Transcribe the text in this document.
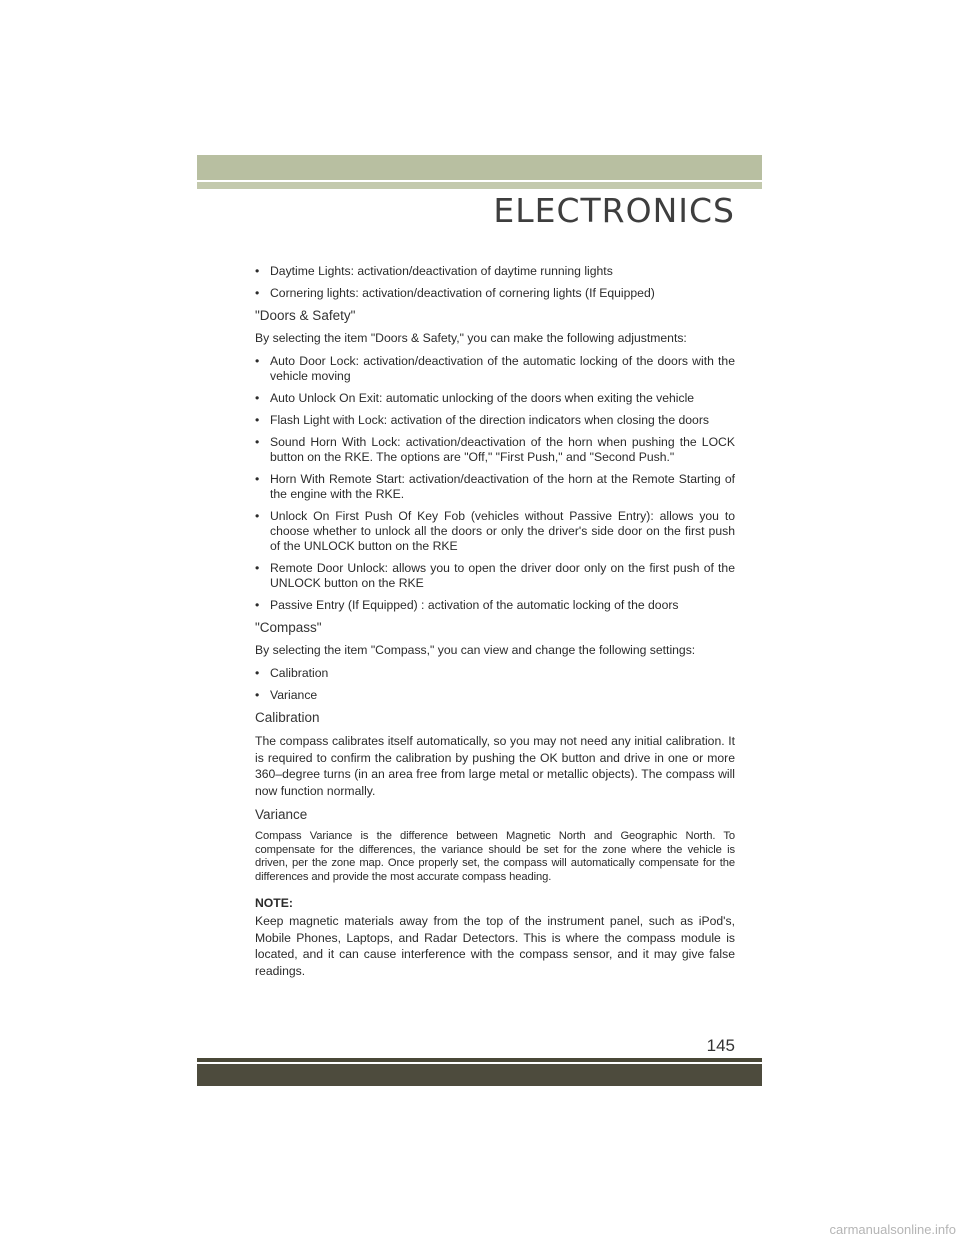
ELECTRONICS
• Daytime Lights: activation/deactivation of daytime running lights
• Cornering lights: activation/deactivation of cornering lights (If Equipped)
"Doors & Safety"
By selecting the item "Doors & Safety," you can make the following adjustments:
• Auto Door Lock: activation/deactivation of the automatic locking of the doors with the vehicle moving
• Auto Unlock On Exit: automatic unlocking of the doors when exiting the vehicle
• Flash Light with Lock: activation of the direction indicators when closing the doors
• Sound Horn With Lock: activation/deactivation of the horn when pushing the LOCK button on the RKE. The options are "Off," "First Push," and "Second Push."
• Horn With Remote Start: activation/deactivation of the horn at the Remote Starting of the engine with the RKE.
• Unlock On First Push Of Key Fob (vehicles without Passive Entry): allows you to choose whether to unlock all the doors or only the driver's side door on the first push of the UNLOCK button on the RKE
• Remote Door Unlock: allows you to open the driver door only on the first push of the UNLOCK button on the RKE
• Passive Entry (If Equipped) : activation of the automatic locking of the doors
"Compass"
By selecting the item "Compass," you can view and change the following settings:
• Calibration
• Variance
Calibration
The compass calibrates itself automatically, so you may not need any initial calibration. It is required to confirm the calibration by pushing the OK button and drive in one or more 360–degree turns (in an area free from large metal or metallic objects). The compass will now function normally.
Variance
Compass Variance is the difference between Magnetic North and Geographic North. To compensate for the differences, the variance should be set for the zone where the vehicle is driven, per the zone map. Once properly set, the compass will automatically compensate for the differences and provide the most accurate compass heading.
NOTE:
Keep magnetic materials away from the top of the instrument panel, such as iPod's, Mobile Phones, Laptops, and Radar Detectors. This is where the compass module is located, and it can cause interference with the compass sensor, and it may give false readings.
145
carmanualsonline.info
